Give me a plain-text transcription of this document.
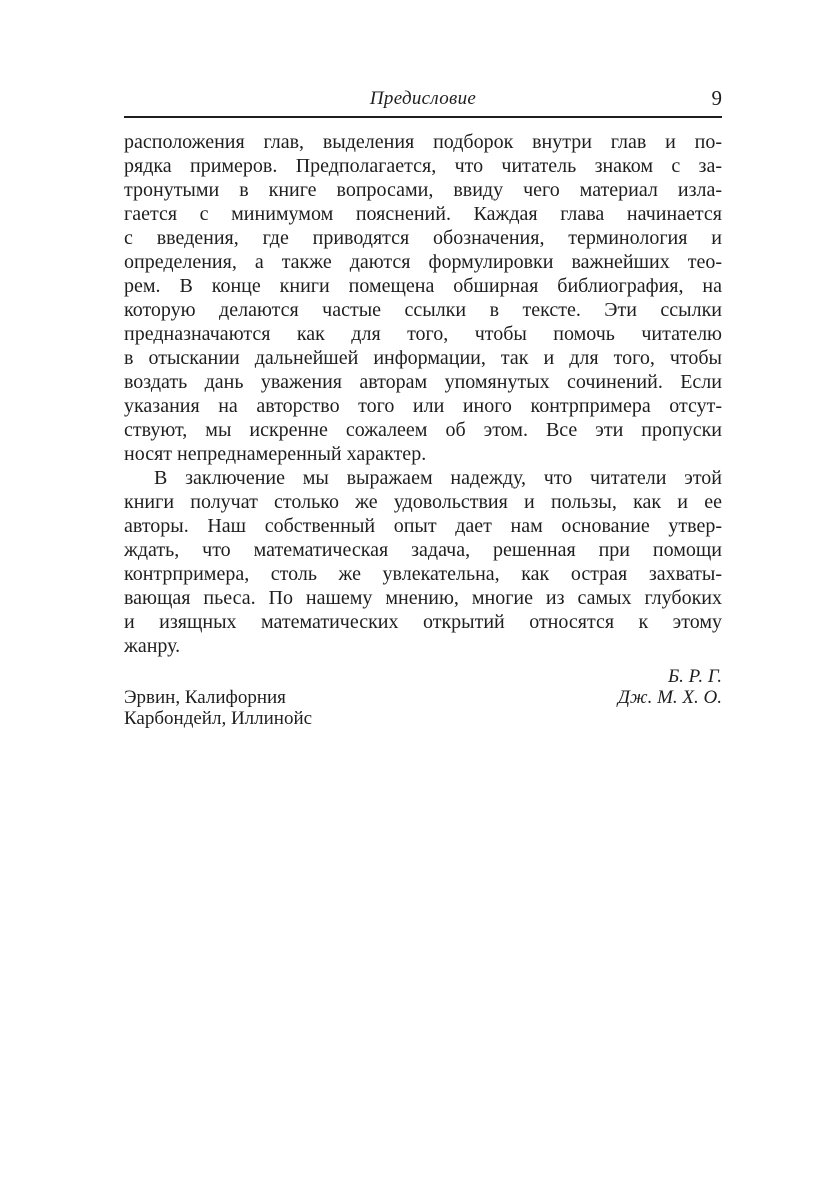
Предисловие	9
расположения глав, выделения подборок внутри глав и по-
рядка примеров. Предполагается, что читатель знаком с за-
тронутыми в книге вопросами, ввиду чего материал изла-
гается с минимумом пояснений. Каждая глава начинается
с введения, где приводятся обозначения, терминология и
определения, а также даются формулировки важнейших тео-
рем. В конце книги помещена обширная библиография, на
которую делаются частые ссылки в тексте. Эти ссылки
предназначаются как для того, чтобы помочь читателю
в отыскании дальнейшей информации, так и для того, чтобы
воздать дань уважения авторам упомянутых сочинений. Если
указания на авторство того или иного контрпримера отсут-
ствуют, мы искренне сожалеем об этом. Все эти пропуски
носят непреднамеренный характер.
В заключение мы выражаем надежду, что читатели этой
книги получат столько же удовольствия и пользы, как и ее
авторы. Наш собственный опыт дает нам основание утвер-
ждать, что математическая задача, решенная при помощи
контрпримера, столь же увлекательна, как острая захваты-
вающая пьеса. По нашему мнению, многие из самых глубоких
и изящных математических открытий относятся к этому
жанру.
Б. Р. Г.
Дж. М. Х. О.
Эрвин, Калифорния
Карбондейл, Иллинойс
